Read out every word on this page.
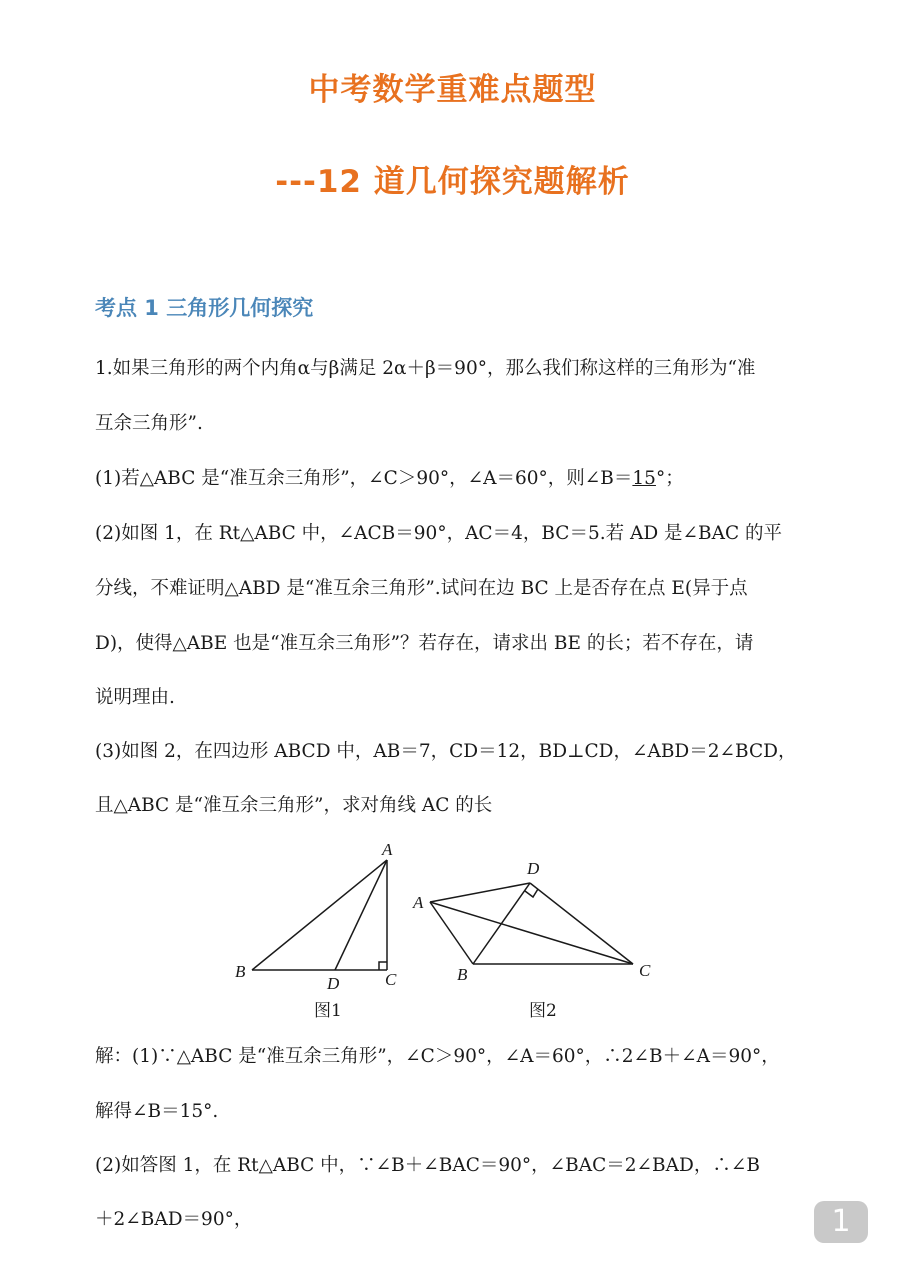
中考数学重难点题型
---12 道几何探究题解析
考点 1 三角形几何探究
1.如果三角形的两个内角α与β满足 2α＋β＝90°，那么我们称这样的三角形为“准
互余三角形”.
(1)若△ABC 是“准互余三角形”，∠C＞90°，∠A＝60°，则∠B＝15°；
(2)如图 1，在 Rt△ABC 中，∠ACB＝90°，AC＝4，BC＝5.若 AD 是∠BAC 的平
分线，不难证明△ABD 是“准互余三角形”.试问在边 BC 上是否存在点 E(异于点
D)，使得△ABE 也是“准互余三角形”？若存在，请求出 BE 的长；若不存在，请
说明理由.
(3)如图 2，在四边形 ABCD 中，AB＝7，CD＝12，BD⊥CD，∠ABD＝2∠BCD，
且△ABC 是“准互余三角形”，求对角线 AC 的长
A
B	C
D
图1
D
A
B	C
图2
解：(1)∵△ABC 是“准互余三角形”，∠C＞90°，∠A＝60°，∴2∠B＋∠A＝90°，
解得∠B＝15°.
(2)如答图 1，在 Rt△ABC 中，∵∠B＋∠BAC＝90°，∠BAC＝2∠BAD，∴∠B
＋2∠BAD＝90°，	1
